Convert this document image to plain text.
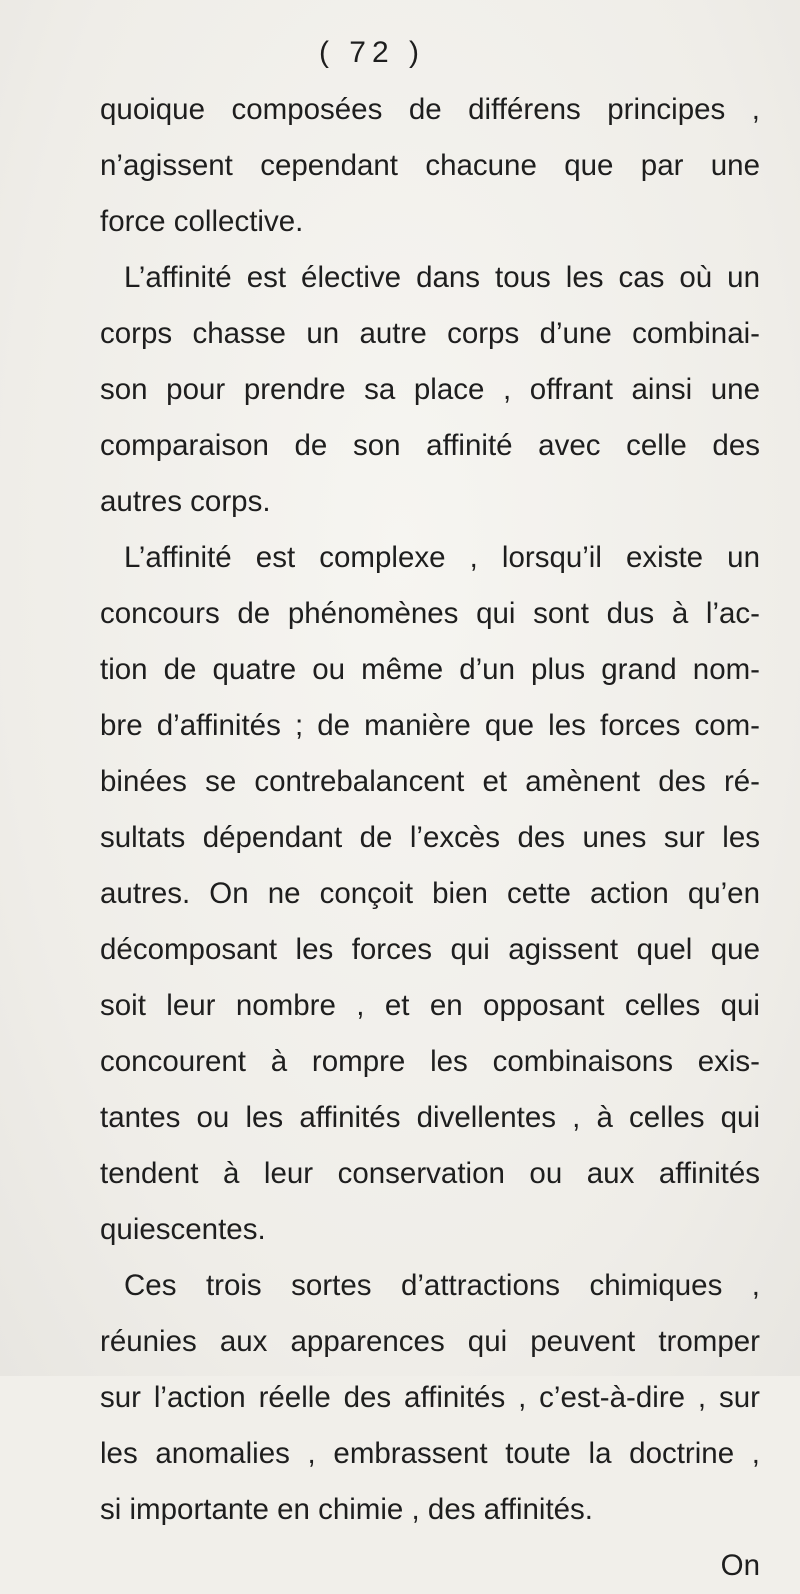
( 72 )
quoique composées de différens principes ,
n’agissent cependant chacune que par une
force collective.
L’affinité est élective dans tous les cas où un
corps chasse un autre corps d’une combinai-
son pour prendre sa place , offrant ainsi une
comparaison de son affinité avec celle des
autres corps.
L’affinité est complexe , lorsqu’il existe un
concours de phénomènes qui sont dus à l’ac-
tion de quatre ou même d’un plus grand nom-
bre d’affinités ; de manière que les forces com-
binées se contrebalancent et amènent des ré-
sultats dépendant de l’excès des unes sur les
autres. On ne conçoit bien cette action qu’en
décomposant les forces qui agissent quel que
soit leur nombre , et en opposant celles qui
concourent à rompre les combinaisons exis-
tantes ou les affinités divellentes , à celles qui
tendent à leur conservation ou aux affinités
quiescentes.
Ces trois sortes d’attractions chimiques ,
réunies aux apparences qui peuvent tromper
sur l’action réelle des affinités , c’est-à-dire , sur
les anomalies , embrassent toute la doctrine ,
si importante en chimie , des affinités.
On
